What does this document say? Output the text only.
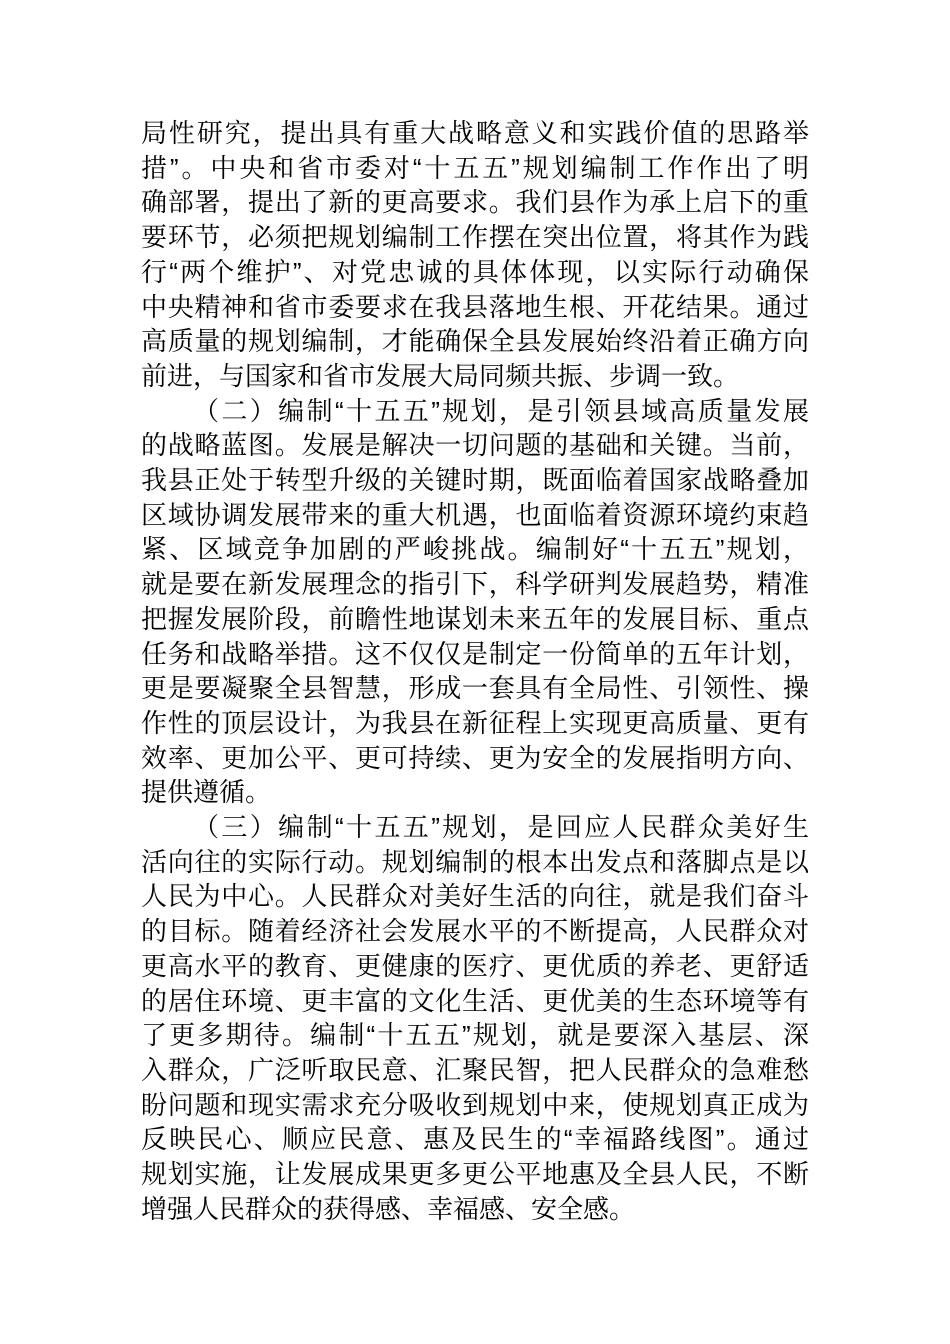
局性研究，提出具有重大战略意义和实践价值的思路举
措”。中央和省市委对“十五五”规划编制工作作出了明
确部署，提出了新的更高要求。我们县作为承上启下的重
要环节，必须把规划编制工作摆在突出位置，将其作为践
行“两个维护”、对党忠诚的具体体现，以实际行动确保
中央精神和省市委要求在我县落地生根、开花结果。通过
高质量的规划编制，才能确保全县发展始终沿着正确方向
前进，与国家和省市发展大局同频共振、步调一致。
（二）编制“十五五”规划，是引领县域高质量发展
的战略蓝图。发展是解决一切问题的基础和关键。当前，
我县正处于转型升级的关键时期，既面临着国家战略叠加
区域协调发展带来的重大机遇，也面临着资源环境约束趋
紧、区域竞争加剧的严峻挑战。编制好“十五五”规划，
就是要在新发展理念的指引下，科学研判发展趋势，精准
把握发展阶段，前瞻性地谋划未来五年的发展目标、重点
任务和战略举措。这不仅仅是制定一份简单的五年计划，
更是要凝聚全县智慧，形成一套具有全局性、引领性、操
作性的顶层设计，为我县在新征程上实现更高质量、更有
效率、更加公平、更可持续、更为安全的发展指明方向、
提供遵循。
（三）编制“十五五”规划，是回应人民群众美好生
活向往的实际行动。规划编制的根本出发点和落脚点是以
人民为中心。人民群众对美好生活的向往，就是我们奋斗
的目标。随着经济社会发展水平的不断提高，人民群众对
更高水平的教育、更健康的医疗、更优质的养老、更舒适
的居住环境、更丰富的文化生活、更优美的生态环境等有
了更多期待。编制“十五五”规划，就是要深入基层、深
入群众，广泛听取民意、汇聚民智，把人民群众的急难愁
盼问题和现实需求充分吸收到规划中来，使规划真正成为
反映民心、顺应民意、惠及民生的“幸福路线图”。通过
规划实施，让发展成果更多更公平地惠及全县人民，不断
增强人民群众的获得感、幸福感、安全感。
